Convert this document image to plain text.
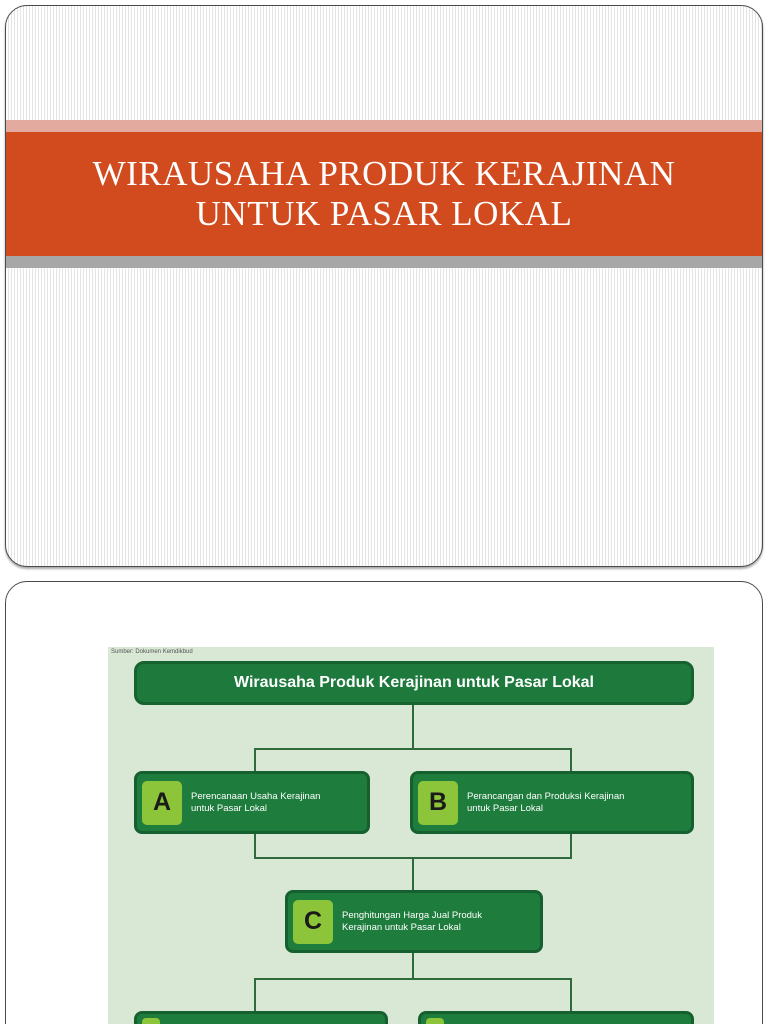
WIRAUSAHA PRODUK KERAJINAN
UNTUK PASAR LOKAL
Sumber: Dokumen Kemdikbud
Wirausaha Produk Kerajinan untuk Pasar Lokal
A	Perencanaan Usaha Kerajinan
untuk Pasar Lokal	B	Perancangan dan Produksi Kerajinan
untuk Pasar Lokal
C	Penghitungan Harga Jual Produk
Kerajinan untuk Pasar Lokal
